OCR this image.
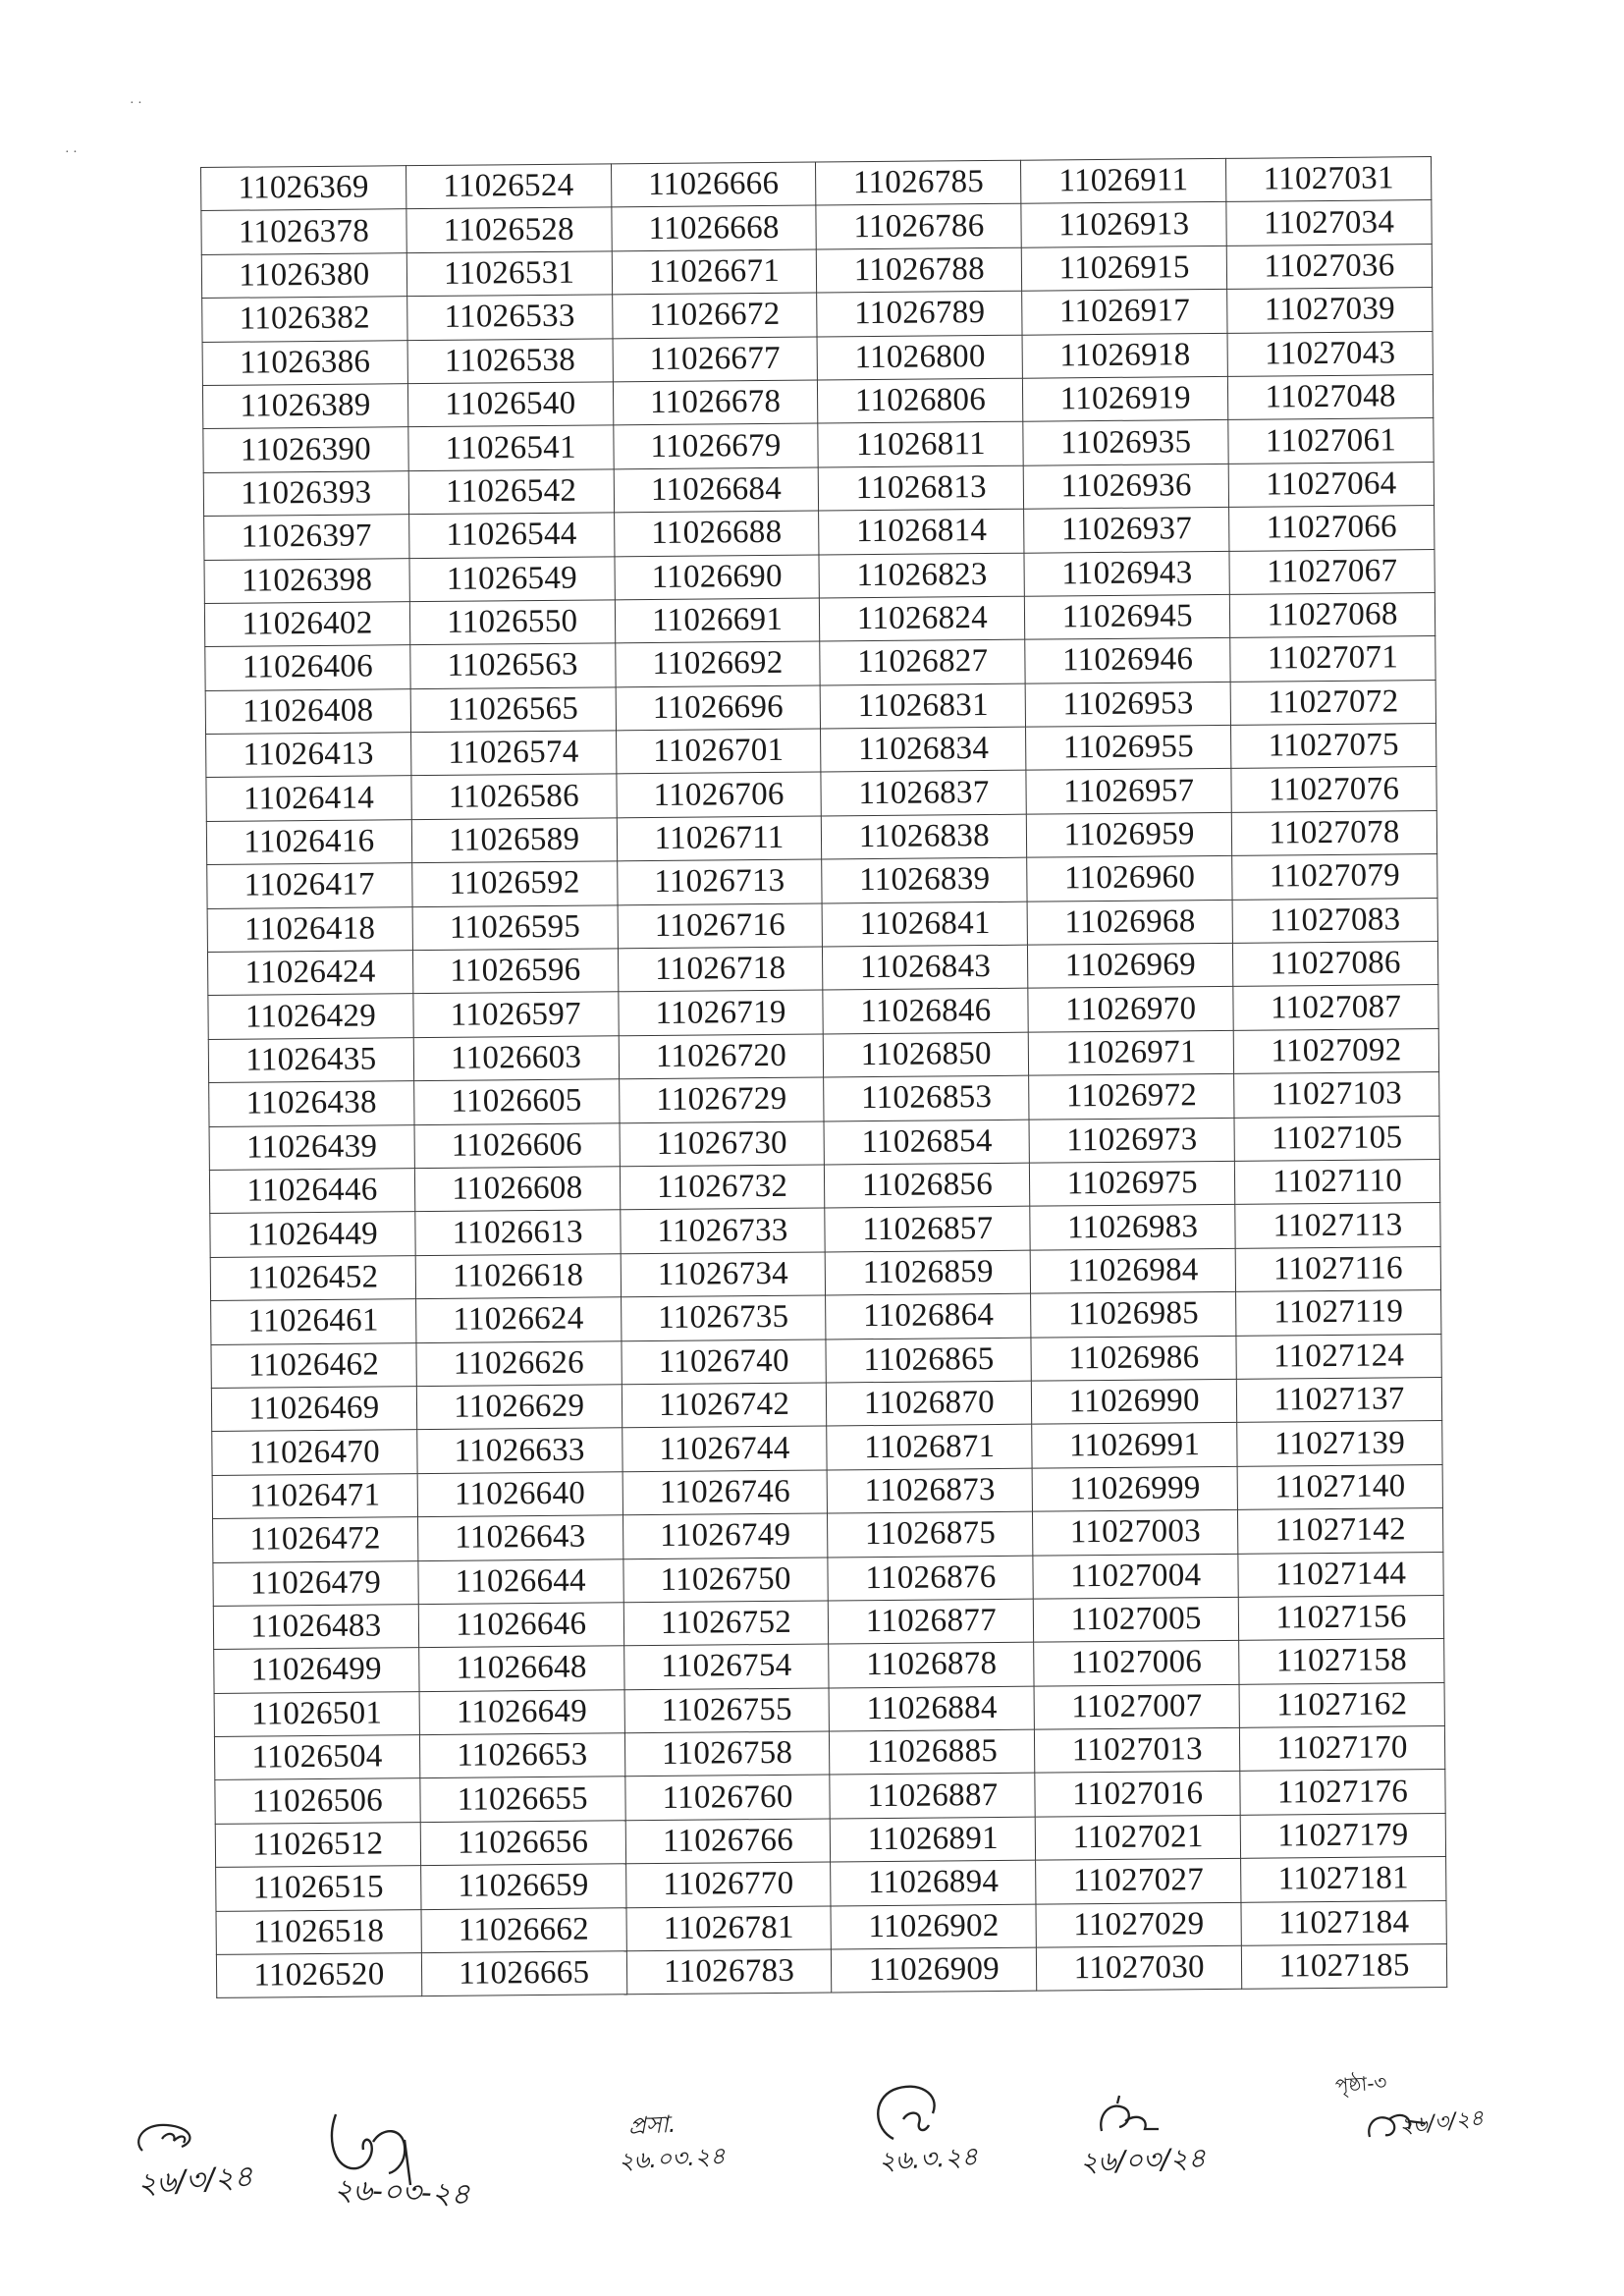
· ·
· ·
11026369	11026524	11026666	11026785	11026911	11027031
11026378	11026528	11026668	11026786	11026913	11027034
11026380	11026531	11026671	11026788	11026915	11027036
11026382	11026533	11026672	11026789	11026917	11027039
11026386	11026538	11026677	11026800	11026918	11027043
11026389	11026540	11026678	11026806	11026919	11027048
11026390	11026541	11026679	11026811	11026935	11027061
11026393	11026542	11026684	11026813	11026936	11027064
11026397	11026544	11026688	11026814	11026937	11027066
11026398	11026549	11026690	11026823	11026943	11027067
11026402	11026550	11026691	11026824	11026945	11027068
11026406	11026563	11026692	11026827	11026946	11027071
11026408	11026565	11026696	11026831	11026953	11027072
11026413	11026574	11026701	11026834	11026955	11027075
11026414	11026586	11026706	11026837	11026957	11027076
11026416	11026589	11026711	11026838	11026959	11027078
11026417	11026592	11026713	11026839	11026960	11027079
11026418	11026595	11026716	11026841	11026968	11027083
11026424	11026596	11026718	11026843	11026969	11027086
11026429	11026597	11026719	11026846	11026970	11027087
11026435	11026603	11026720	11026850	11026971	11027092
11026438	11026605	11026729	11026853	11026972	11027103
11026439	11026606	11026730	11026854	11026973	11027105
11026446	11026608	11026732	11026856	11026975	11027110
11026449	11026613	11026733	11026857	11026983	11027113
11026452	11026618	11026734	11026859	11026984	11027116
11026461	11026624	11026735	11026864	11026985	11027119
11026462	11026626	11026740	11026865	11026986	11027124
11026469	11026629	11026742	11026870	11026990	11027137
11026470	11026633	11026744	11026871	11026991	11027139
11026471	11026640	11026746	11026873	11026999	11027140
11026472	11026643	11026749	11026875	11027003	11027142
11026479	11026644	11026750	11026876	11027004	11027144
11026483	11026646	11026752	11026877	11027005	11027156
11026499	11026648	11026754	11026878	11027006	11027158
11026501	11026649	11026755	11026884	11027007	11027162
11026504	11026653	11026758	11026885	11027013	11027170
11026506	11026655	11026760	11026887	11027016	11027176
11026512	11026656	11026766	11026891	11027021	11027179
11026515	11026659	11026770	11026894	11027027	11027181
11026518	11026662	11026781	11026902	11027029	11027184
11026520	11026665	11026783	11026909	11027030	11027185
পৃষ্ঠা-৩
২৬/৩/২৪	২৬-০৩-২৪
প্রসা.
২৬.০৩.২৪	২৬.৩.২৪	২৬/০৩/২৪
২৬/৩/২৪
